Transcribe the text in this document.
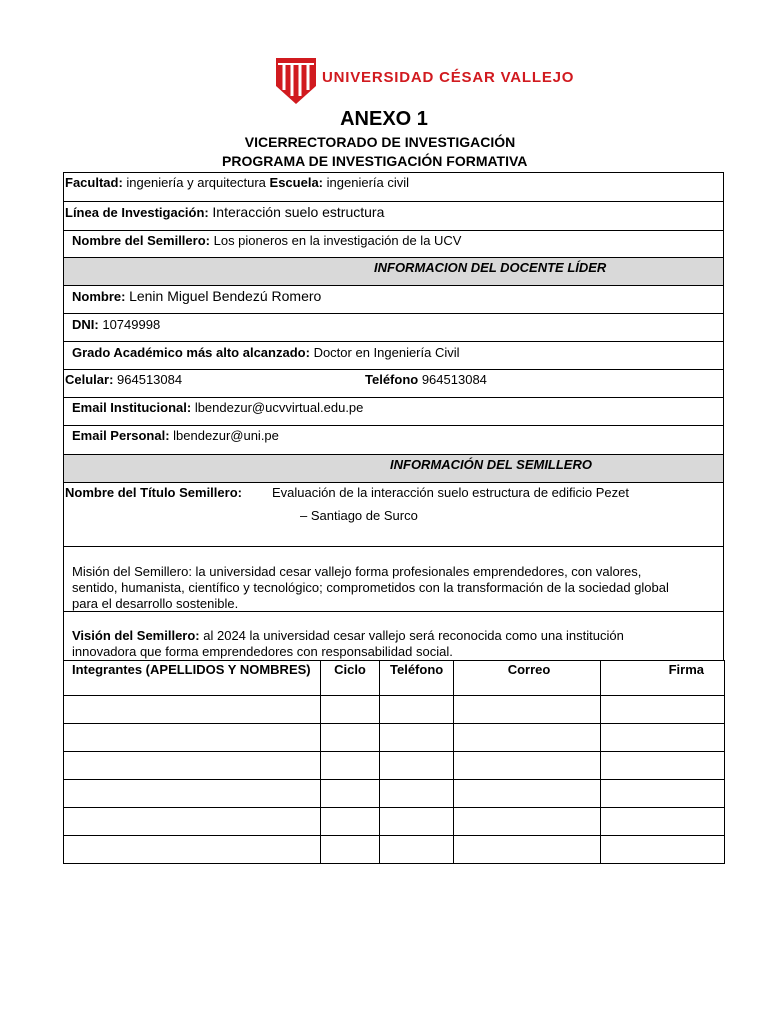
UNIVERSIDAD CÉSAR VALLEJO
ANEXO 1
VICERRECTORADO DE INVESTIGACIÓN
PROGRAMA DE INVESTIGACIÓN FORMATIVA
Facultad: ingeniería y arquitectura Escuela: ingeniería civil
Línea de Investigación: Interacción suelo estructura
Nombre del Semillero: Los pioneros en la investigación de la UCV
INFORMACION DEL DOCENTE LÍDER
Nombre: Lenin Miguel Bendezú Romero
DNI: 10749998
Grado Académico más alto alcanzado: Doctor en Ingeniería Civil
Celular: 964513084	Teléfono 964513084
Email Institucional: lbendezur@ucvvirtual.edu.pe
Email Personal: lbendezur@uni.pe
INFORMACIÓN DEL SEMILLERO
Nombre del Título Semillero: Evaluación de la interacción suelo estructura de edificio Pezet
– Santiago de Surco
Misión del Semillero: la universidad cesar vallejo forma profesionales emprendedores, con valores, sentido, humanista, científico y tecnológico; comprometidos con la transformación de la sociedad global para el desarrollo sostenible.
Visión del Semillero: al 2024 la universidad cesar vallejo será reconocida como una institución innovadora que forma emprendedores con responsabilidad social.
Integrantes (APELLIDOS Y NOMBRES)	Ciclo	Teléfono	Correo	Firma
